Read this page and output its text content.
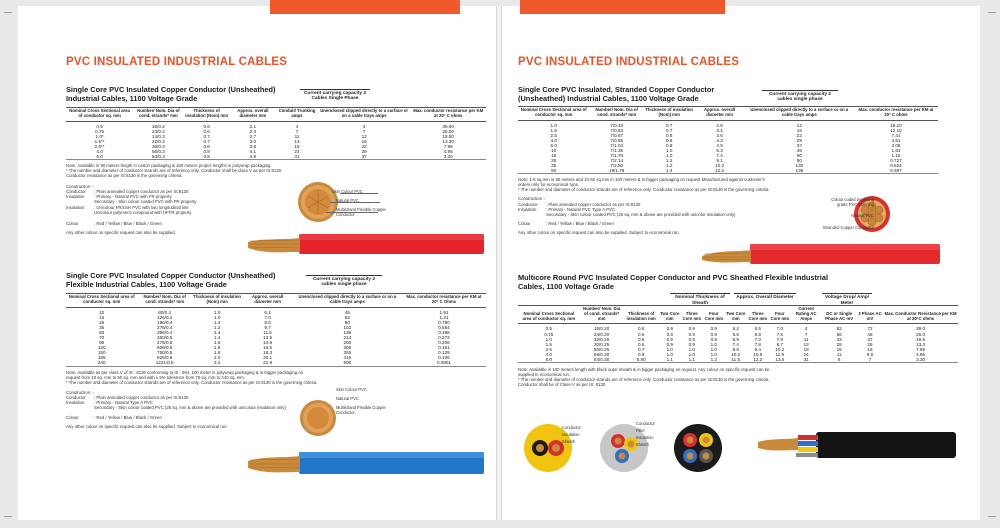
PVC INSULATED INDUSTRIAL CABLES
Single Core PVC Insulated Copper Conductor (Unsheathed) Industrial Cables, 1100 Voltage Grade
Current carrying capacity 2 Cables Single Phase
Nominal Cross Sectional area of conductor sq. mm	Number/ Nom. Dia of cond. strands* mm	Thickness of insulation (Nom) mm	Approx. overall diameter mm	Conduit/ Trunking amps	Unenclosed clipped directly to a surface or on a cable trays amps	Max. conductor resistance per KM at 20° C ohms
0.5	16/0.2	0.6	2.1	4	4	39.00
0.75	24/0.2	0.6	2.3	7	7	26.00
1.0*	14/0.3	0.7	2.7	11	12	18.50
1.5**	22/0.3	0.7	3.0	13	16	13.30
2.5**	36/0.3	0.8	3.8	18	22	7.98
4.0	56/0.3	0.8	4.1	24	29	4.95
6.0	84/0.3	0.8	4.8	31	37	3.30
Note: Available in 90 meters length in carton packaging & 180 meters project lengths in polywrap packaging.
* The number and diameter of conductor strands are of reference only. Conductor shall be class V as per IS:8130.
Conductor resistance as per IS:8130 is the governing criteria.
Construction :-
Conductor : Plain annealed copper conductor as per IS:8130
Insulation : Primary - Natural PVC with FR property
Secondary - Skin colour coated PVC with FR property
Insulation : Unicolour FR/LSH PVC with two longitudinal line
Unicolour polymeric compound with HFFR property
Colour	: Red / Yellow / Blue / Black / Green
Any other colour on specific request can also be supplied.
Skin Colour PVC
Natural PVC
Multistrand Flexible Copper Conductor
Single Core PVC Insulated Copper Conductor (Unsheathed) Flexible Industrial Cables, 1100 Voltage Grade
Current carrying capacity 2 cables single phase
Nominal Cross Sectional area of conductor sq. mm	Number/ Nom. Dia of cond. strands* mm	Thickness of insulation (Nom) mm	Approx. overall diameter mm	Unenclosed clipped directly to a surface or on a cable trays amps	Max. conductor resistance per KM at 20° C Ohms
10	80/0.4	1.0	6.1	46	1.91
16	126/0.4	1.0	7.0	62	1.21
25	196/0.4	1.2	8.6	80	0.780
35	276/0.4	1.2	9.7	102	0.554
50	396/0.4	1.4	11.5	138	0.386
70	360/0.5	1.4	13.5	214	0.272
95	475/0.5	1.6	14.9	260	0.206
120	608/0.5	1.6	16.6	305	0.161
150	750/0.5	1.8	18.3	355	0.129
185	925/0.5	2.0	20.1	415	0.106
240	1221/0.5	2.2	22.9	500	0.0801
Note: Available as per class V of IS : 8130 conforming to IS : 694. 100 meter in polywrap packaging & in bigger packaging on
request from 10 sq. mm to 50 sq. mm and with ± 5% tolerance from 70 sq. mm to 240 sq. mm.
* The number and diameter of conductor strands are of reference only. Conductor resistance as per IS:8130 is the governing criteria.
Construction :-
Conductor : Plain annealed copper conductor as per IS:8130
Insulation : Primary - Natural Type A PVC
Secondary - Skin colour coated PVC (25 sq. mm & above are provided with unicolour insulation only)
Colour	: Red / Yellow / Blue / Black / Green
Any other colour on specific request can also be supplied. Subject to economical run.
Skin Colour PVC
Natural PVC
Multistrand Flexible Copper Conductor
PVC INSULATED INDUSTRIAL CABLES
Single Core PVC Insulated, Stranded Copper Conductor (Unsheathed) Industrial Cables, 1100 Voltage Grade	Current carrying capacity 2 cables single phase
Nominal Cross Sectional area of conductor sq. mm	Number/ Nom. Dia of cond. strands* mm	Thickness of insulation (Nom) mm	Approx. overall diameter mm	Unenclosed clipped directly to a surface or on a cable trays amps	Max. conductor resistance per KM at 20° C ohms
1.0	7/0.43	0.7	2.8	12	18.10
1.5	7/0.53	0.7	3.1	16	12.10
2.5	7/0.67	0.8	3.6	22	7.41
4.0	7/0.85	0.8	4.3	29	4.61
6.0	7/1.04	0.8	4.9	37	3.08
10	7/1.35	1.0	6.3	46	1.83
16	7/1.70	1.0	7.4	60	1.15
25	7/2.14	1.2	9.1	90	0.727
35	7/2.50	1.2	10.3	130	0.524
50	19/1.78	1.4	12.2	138	0.387
Note: 1-6 sq.mm in 90 meters and 10-50 sq.mm in 100 meters & in bigger packaging on request Manufactured against customer's
orders only for economical runs.
* The number and diameter of conductor strands are of reference only. Conductor resistance as per IS:8130 is the governing criteria.
Construction :-
Conductor : Plain annealed copper conductor as per IS:8130
Insulation : Primary - Natural PVC Type A PVC
Secondary - Skin colour coated PVC (25 sq. mm & above are provided with unicolor insulation only)
Colour	: Red / Yellow / Blue / Black / Green
Any other colour on specific request can also be supplied. Subject to economical run.
Colour coded insulating grade PVC Skinning
Natural PVC
Stranded Copper Conductor
Multicore Round PVC Insulated Copper Conductor and PVC Sheathed Flexible Industrial Cables, 1100 Voltage Grade
Nominal Thickness of Sheath
Approx. Overall Diameter	Voltage Drop/ Amp/ Meter
Nominal Cross Sectional area of conductor sq. mm	Number/ Nom. Dia of cond. strands* mm	Thickness of insulation mm	Two Core mm	Three Core mm	Four Core mm	Two Core mm	Three Core mm	Four Core mm	Current Rating AC Amps	DC or Single Phase AC mV	3 Phase AC mV	Max. Conductor Resistance per KM at 20°C ohms
0.5	16/0.20	0.6	0.9	0.9	0.9	6.2	6.5	7.0	4	83	72	39.0
0.75	24/0.20	0.6	0.9	0.9	0.9	6.6	6.9	7.5	7	56	48	26.0
1.0	32/0.20	0.6	0.9	0.9	0.9	6.9	7.3	7.9	11	43	37	19.5
1.5	30/0.25	0.6	0.9	0.9	1.0	7.4	7.8	8.7	13	29	25	13.3
2.5	50/0.25	0.7	1.0	1.0	1.0	8.6	9.4	10.2	18	18	16	7.98
4.0	56/0.30	0.8	1.0	1.0	1.0	10.2	10.9	11.9	24	11	9.6	4.95
6.0	84/0.30	0.80	1.1	1.1	1.2	11.5	12.2	13.6	31	8	7	3.30
Note: Available in 100 meters length with black outer sheath & in bigger packaging on request. Any colour on specific request can be
supplied in economical run.
* The number and diameter of conductor strands are of reference only. Conductor resistance as per IS:8130 is the governing criteria.
Conductor shall be of Class-V as per IS: 8130
Conductor
Insulation
Sheath
Conductor
Filler
Insulation
Sheath
